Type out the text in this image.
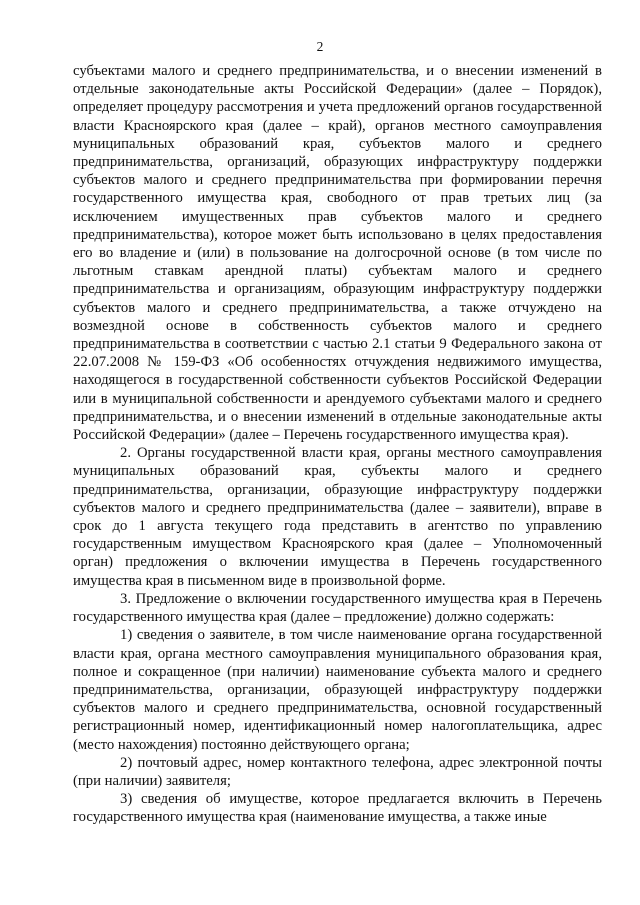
2

субъектами малого и среднего предпринимательства, и о внесении изменений в отдельные законодательные акты Российской Федерации» (далее – Порядок), определяет процедуру рассмотрения и учета предложений органов государственной власти Красноярского края (далее – край), органов местного самоуправления муниципальных образований края, субъектов малого и среднего предпринимательства, организаций, образующих инфраструктуру поддержки субъектов малого и среднего предпринимательства при формировании перечня государственного имущества края, свободного от прав третьих лиц (за исключением имущественных прав субъектов малого и среднего предпринимательства), которое может быть использовано в целях предоставления его во владение и (или) в пользование на долгосрочной основе (в том числе по льготным ставкам арендной платы) субъектам малого и среднего предпринимательства и организациям, образующим инфраструктуру поддержки субъектов малого и среднего предпринимательства, а также отчуждено на возмездной основе в собственность субъектов малого и среднего предпринимательства в соответствии с частью 2.1 статьи 9 Федерального закона от 22.07.2008 № 159-ФЗ «Об особенностях отчуждения недвижимого имущества, находящегося в государственной собственности субъектов Российской Федерации или в муниципальной собственности и арендуемого субъектами малого и среднего предпринимательства, и о внесении изменений в отдельные законодательные акты Российской Федерации» (далее – Перечень государственного имущества края).

2. Органы государственной власти края, органы местного самоуправления муниципальных образований края, субъекты малого и среднего предпринимательства, организации, образующие инфраструктуру поддержки субъектов малого и среднего предпринимательства (далее – заявители), вправе в срок до 1 августа текущего года представить в агентство по управлению государственным имуществом Красноярского края (далее – Уполномоченный орган) предложения о включении имущества в Перечень государственного имущества края в письменном виде в произвольной форме.

3. Предложение о включении государственного имущества края в Перечень государственного имущества края (далее – предложение) должно содержать:

1) сведения о заявителе, в том числе наименование органа государственной власти края, органа местного самоуправления муниципального образования края, полное и сокращенное (при наличии) наименование субъекта малого и среднего предпринимательства, организации, образующей инфраструктуру поддержки субъектов малого и среднего предпринимательства, основной государственный регистрационный номер, идентификационный номер налогоплательщика, адрес (место нахождения) постоянно действующего органа;

2) почтовый адрес, номер контактного телефона, адрес электронной почты (при наличии) заявителя;

3) сведения об имуществе, которое предлагается включить в Перечень государственного имущества края (наименование имущества, а также иные
